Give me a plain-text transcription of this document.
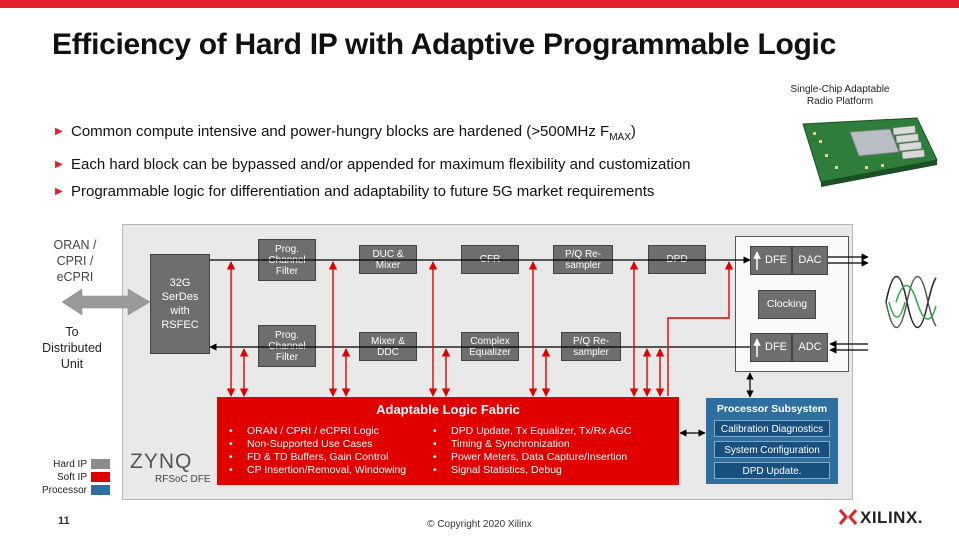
Efficiency of Hard IP with Adaptive Programmable Logic
Single-Chip Adaptable
Radio Platform
▶ Common compute intensive and power-hungry blocks are hardened (>500MHz $F_{MAX}$)
▶ Each hard block can be bypassed and/or appended for maximum flexibility and customization
▶ Programmable logic for differentiation and adaptability to future 5G market requirements
ORAN /
CPRI /
eCPRI
To
Distributed
Unit
32G
SerDes
with
RSFEC
Prog.
Channel
Filter
DUC &
Mixer	CFR	P/Q Re-
sampler	DPD
Prog.
Channel
Filter
Mixer &
DDC
Complex
Equalizer
P/Q Re-
sampler
DFE DAC
Clocking
DFE ADC
Adaptable Logic Fabric
• ORAN / CPRI / eCPRI Logic
• Non-Supported Use Cases
• FD & TD Buffers, Gain Control
• CP Insertion/Removal, Windowing
• DPD Update, Tx Equalizer, Tx/Rx AGC
• Timing & Synchronization
• Power Meters, Data Capture/Insertion
• Signal Statistics, Debug
Processor Subsystem
Calibration Diagnostics
System Configuration
DPD Update.
Hard IP
Soft IP
Processor
ZYNQ
RFSoC DFE
11	© Copyright 2020 Xilinx	XILINX.
